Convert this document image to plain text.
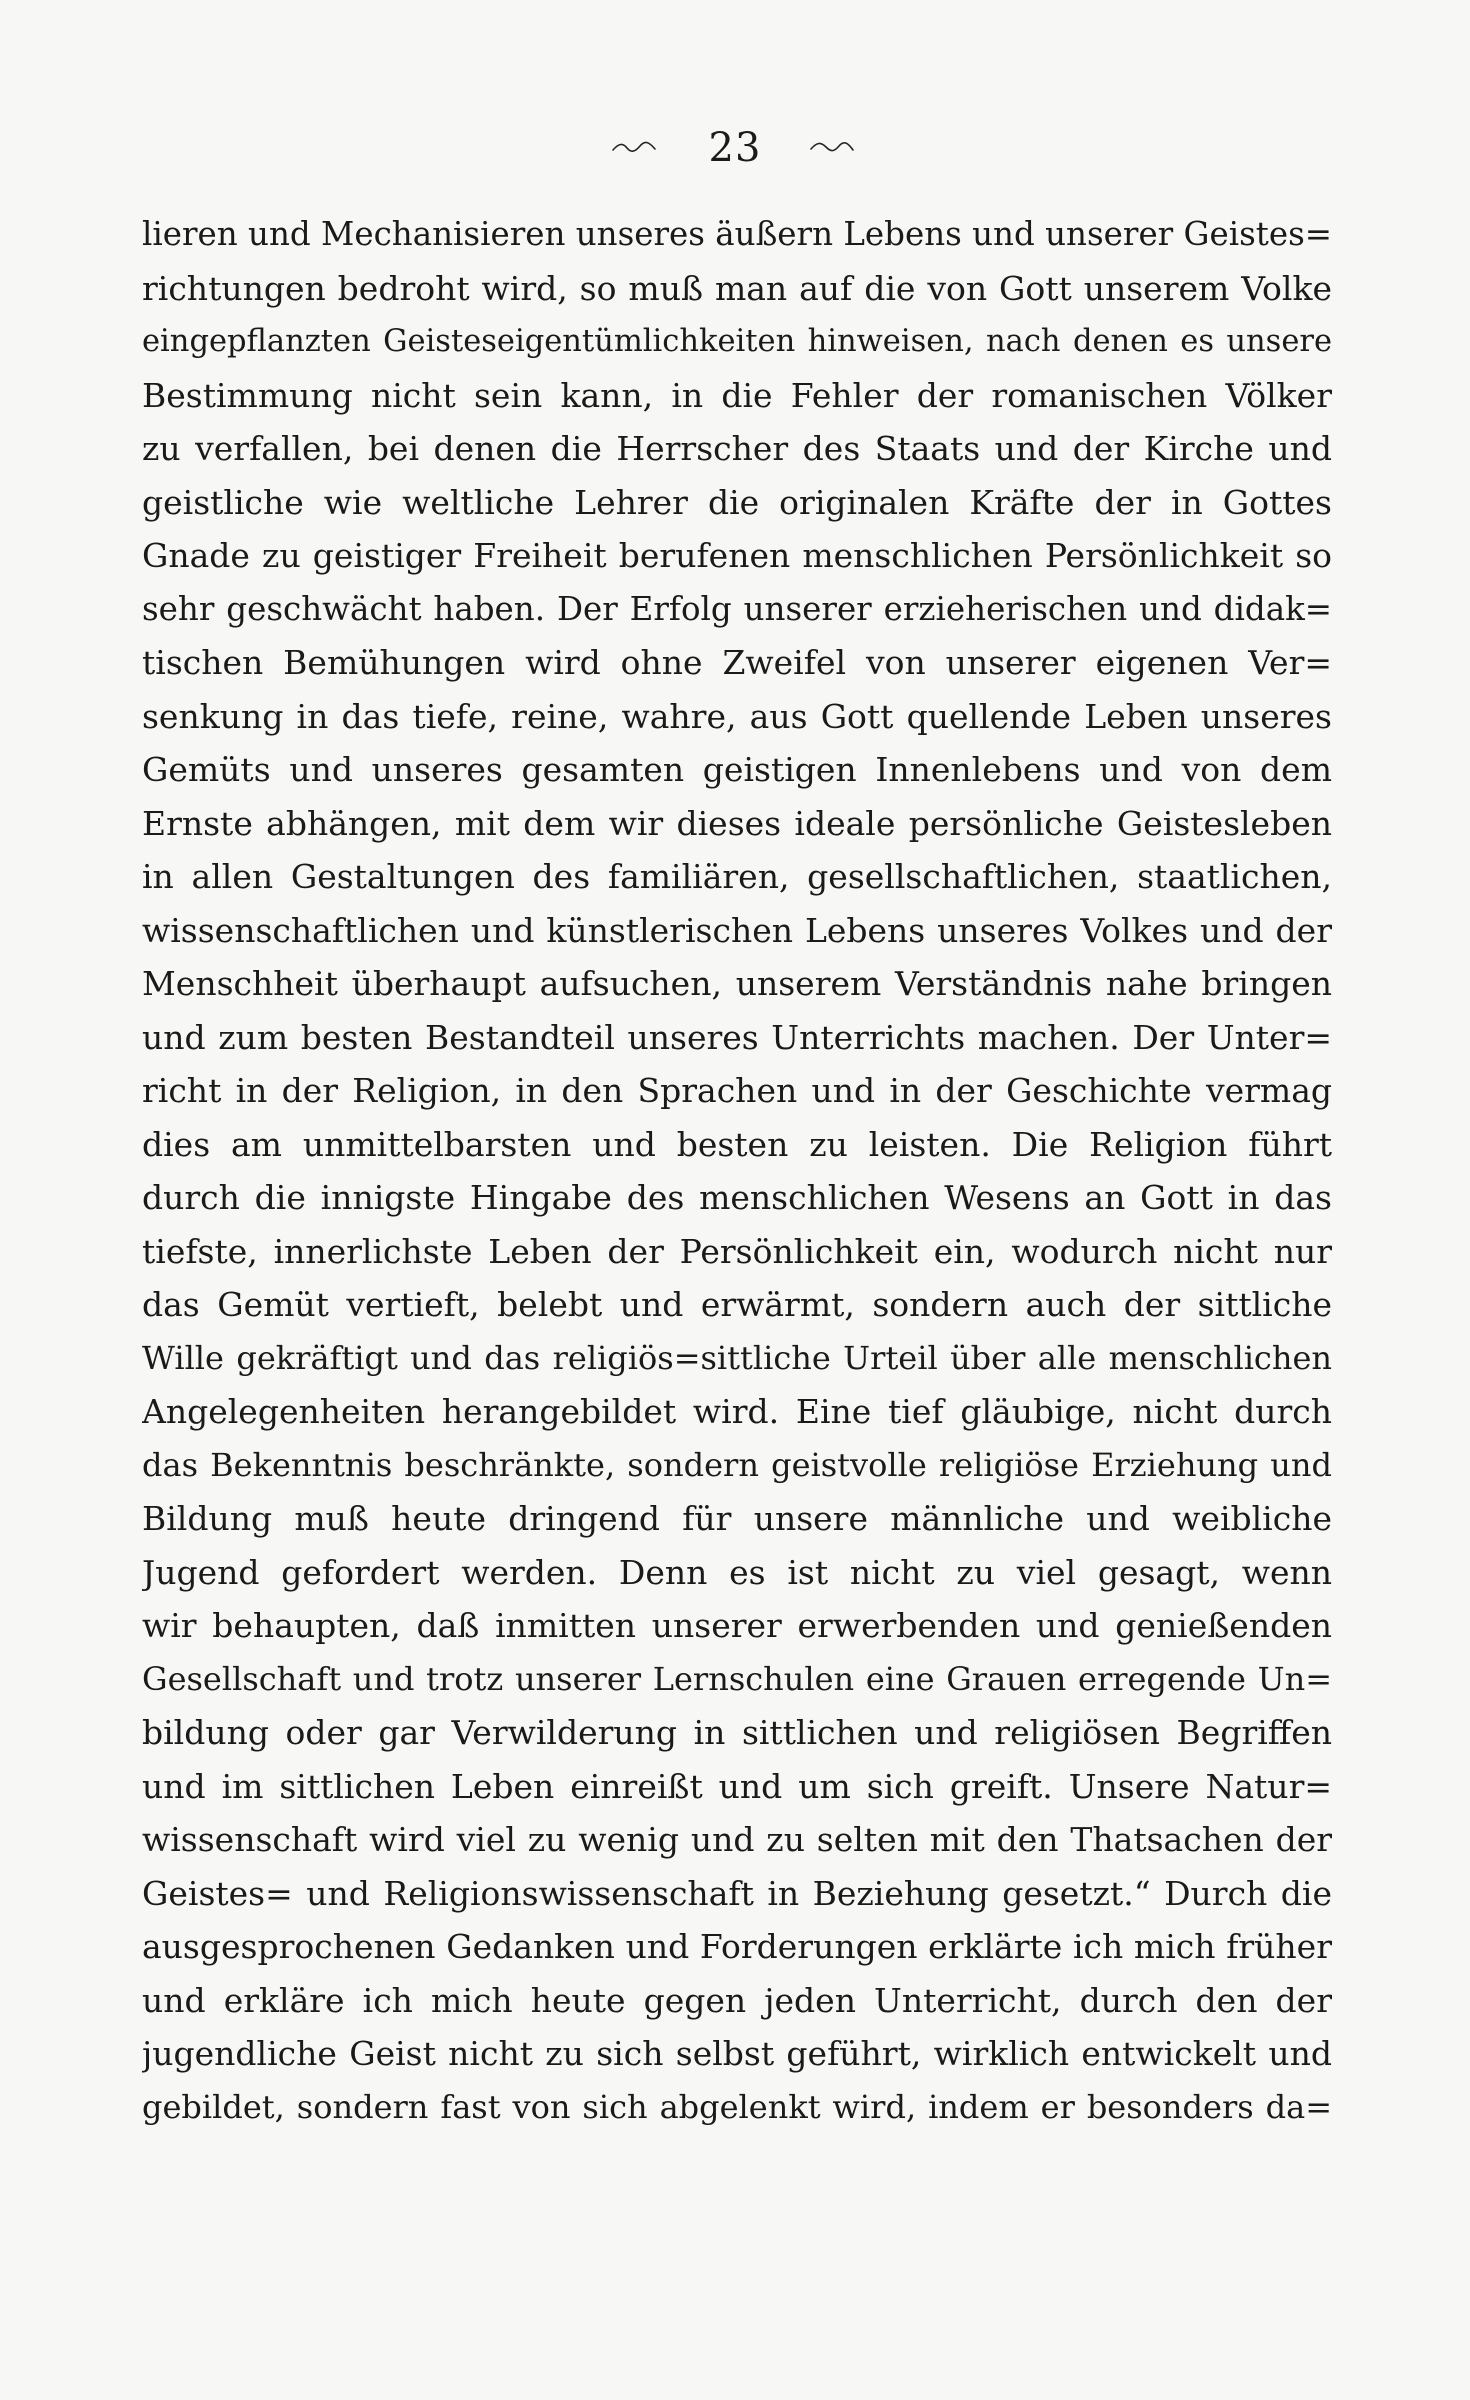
23
lieren und Mechanisieren unseres äußern Lebens und unserer Geistes=
richtungen bedroht wird, so muß man auf die von Gott unserem Volke
eingepflanzten Geisteseigentümlichkeiten hinweisen, nach denen es unsere
Bestimmung nicht sein kann, in die Fehler der romanischen Völker
zu verfallen, bei denen die Herrscher des Staats und der Kirche und
geistliche wie weltliche Lehrer die originalen Kräfte der in Gottes
Gnade zu geistiger Freiheit berufenen menschlichen Persönlichkeit so
sehr geschwächt haben. Der Erfolg unserer erzieherischen und didak=
tischen Bemühungen wird ohne Zweifel von unserer eigenen Ver=
senkung in das tiefe, reine, wahre, aus Gott quellende Leben unseres
Gemüts und unseres gesamten geistigen Innenlebens und von dem
Ernste abhängen, mit dem wir dieses ideale persönliche Geistesleben
in allen Gestaltungen des familiären, gesellschaftlichen, staatlichen,
wissenschaftlichen und künstlerischen Lebens unseres Volkes und der
Menschheit überhaupt aufsuchen, unserem Verständnis nahe bringen
und zum besten Bestandteil unseres Unterrichts machen. Der Unter=
richt in der Religion, in den Sprachen und in der Geschichte vermag
dies am unmittelbarsten und besten zu leisten. Die Religion führt
durch die innigste Hingabe des menschlichen Wesens an Gott in das
tiefste, innerlichste Leben der Persönlichkeit ein, wodurch nicht nur
das Gemüt vertieft, belebt und erwärmt, sondern auch der sittliche
Wille gekräftigt und das religiös=sittliche Urteil über alle menschlichen
Angelegenheiten herangebildet wird. Eine tief gläubige, nicht durch
das Bekenntnis beschränkte, sondern geistvolle religiöse Erziehung und
Bildung muß heute dringend für unsere männliche und weibliche
Jugend gefordert werden. Denn es ist nicht zu viel gesagt, wenn
wir behaupten, daß inmitten unserer erwerbenden und genießenden
Gesellschaft und trotz unserer Lernschulen eine Grauen erregende Un=
bildung oder gar Verwilderung in sittlichen und religiösen Begriffen
und im sittlichen Leben einreißt und um sich greift. Unsere Natur=
wissenschaft wird viel zu wenig und zu selten mit den Thatsachen der
Geistes= und Religionswissenschaft in Beziehung gesetzt.“ Durch die
ausgesprochenen Gedanken und Forderungen erklärte ich mich früher
und erkläre ich mich heute gegen jeden Unterricht, durch den der
jugendliche Geist nicht zu sich selbst geführt, wirklich entwickelt und
gebildet, sondern fast von sich abgelenkt wird, indem er besonders da=
